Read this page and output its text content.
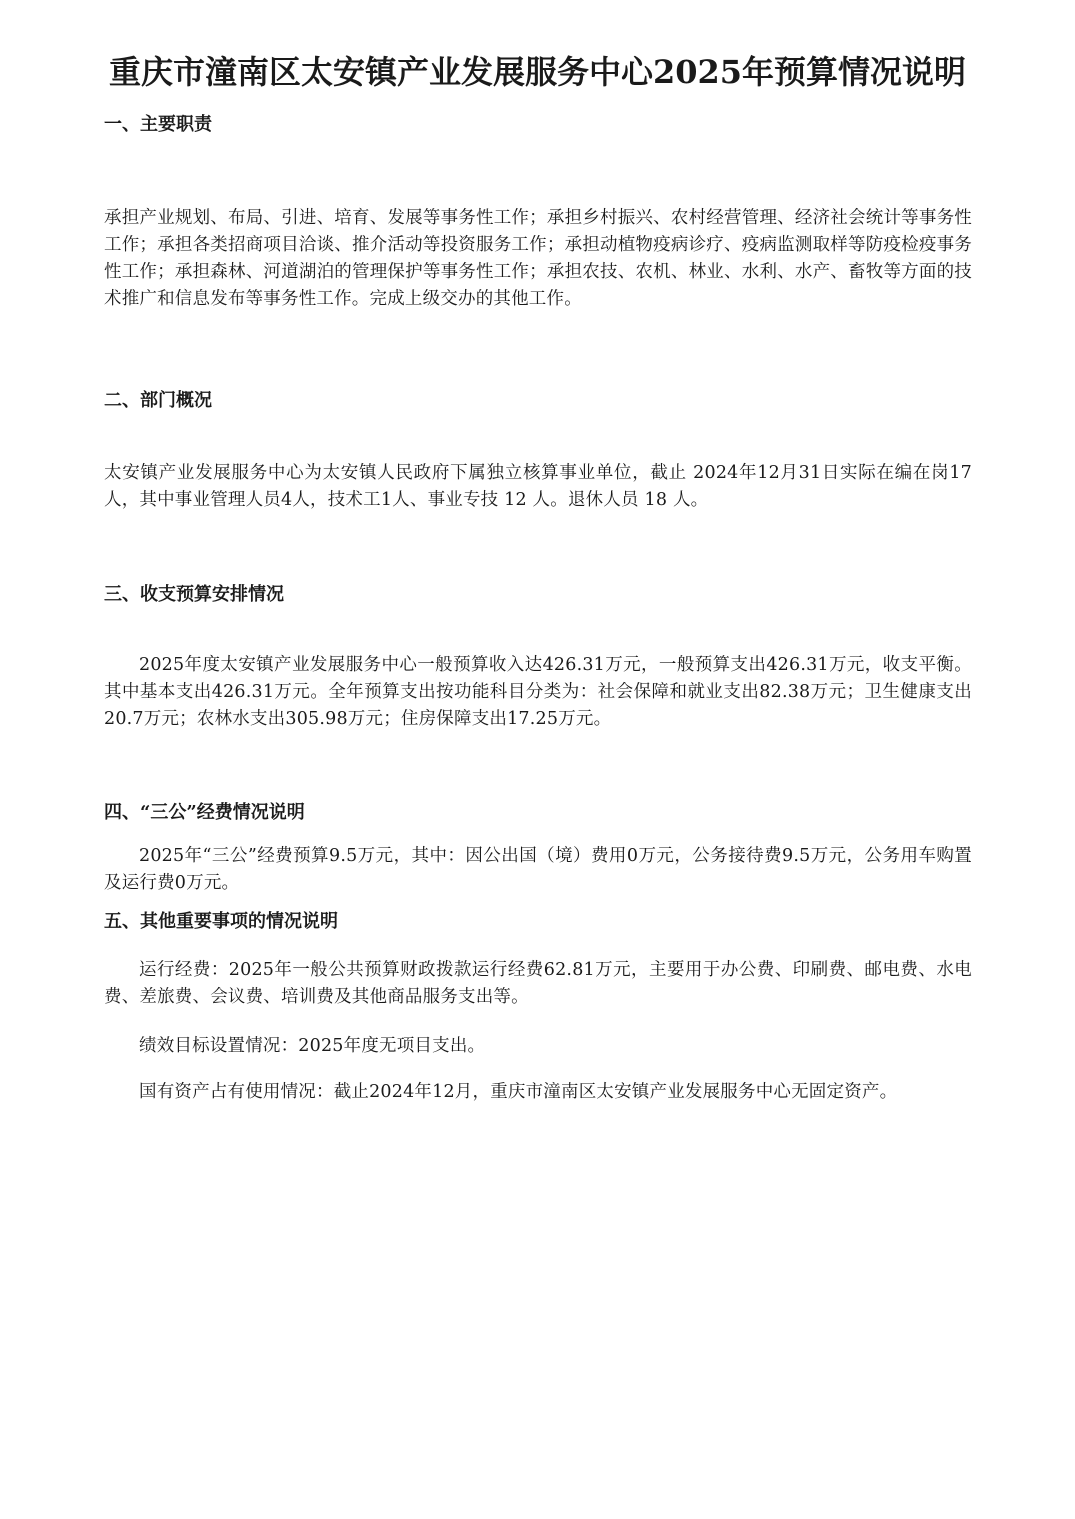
重庆市潼南区太安镇产业发展服务中心2025年预算情况说明
一、主要职责
承担产业规划、布局、引进、培育、发展等事务性工作；承担乡村振兴、农村经营管理、经济社会统计等事务性工作；承担各类招商项目洽谈、推介活动等投资服务工作；承担动植物疫病诊疗、疫病监测取样等防疫检疫事务性工作；承担森林、河道湖泊的管理保护等事务性工作；承担农技、农机、林业、水利、水产、畜牧等方面的技术推广和信息发布等事务性工作。完成上级交办的其他工作。
二、部门概况
太安镇产业发展服务中心为太安镇人民政府下属独立核算事业单位，截止 2024年12月31日实际在编在岗17人，其中事业管理人员4人，技术工1人、事业专技 12 人。退休人员 18 人。
三、收支预算安排情况
2025年度太安镇产业发展服务中心一般预算收入达426.31万元，一般预算支出426.31万元，收支平衡。其中基本支出426.31万元。全年预算支出按功能科目分类为：社会保障和就业支出82.38万元；卫生健康支出20.7万元；农林水支出305.98万元；住房保障支出17.25万元。
四、“三公”经费情况说明
2025年“三公”经费预算9.5万元，其中：因公出国（境）费用0万元，公务接待费9.5万元，公务用车购置及运行费0万元。
五、其他重要事项的情况说明
运行经费：2025年一般公共预算财政拨款运行经费62.81万元，主要用于办公费、印刷费、邮电费、水电费、差旅费、会议费、培训费及其他商品服务支出等。
绩效目标设置情况：2025年度无项目支出。
国有资产占有使用情况：截止2024年12月，重庆市潼南区太安镇产业发展服务中心无固定资产。
